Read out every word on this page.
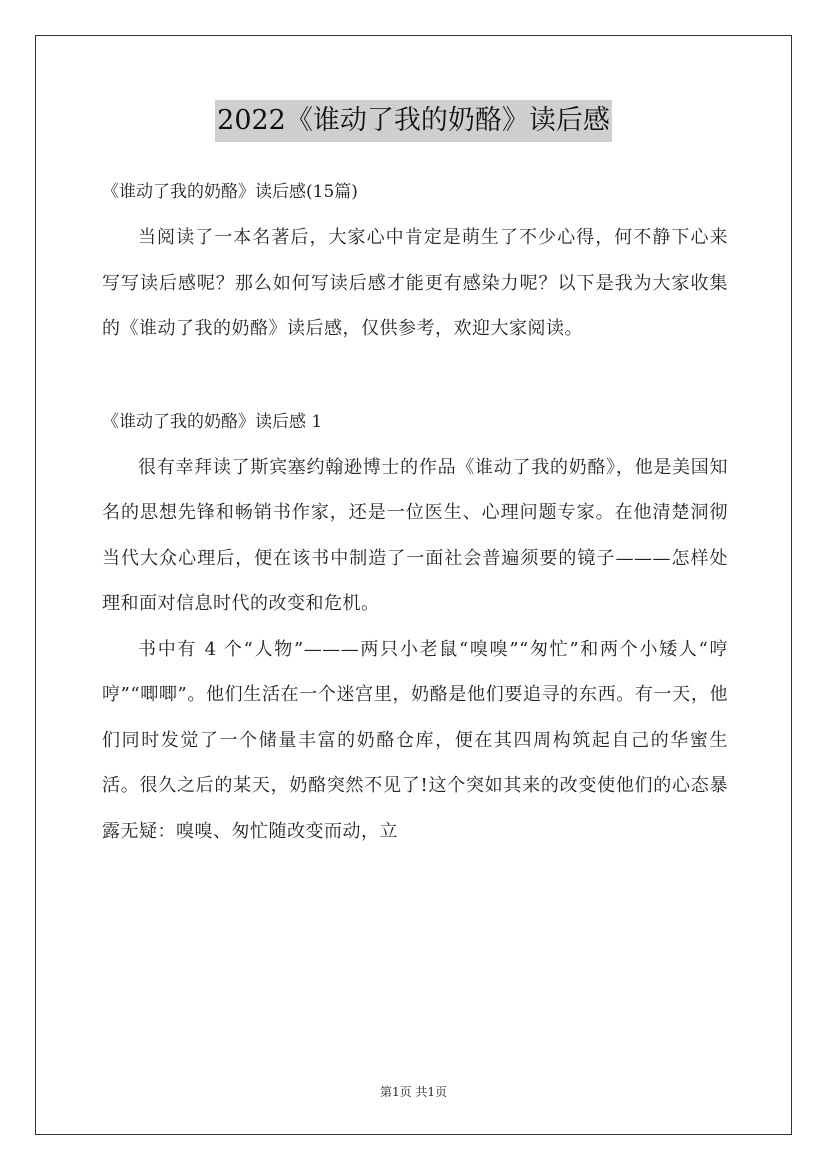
2022《谁动了我的奶酪》读后感

《谁动了我的奶酪》读后感(15篇)

当阅读了一本名著后，大家心中肯定是萌生了不少心得，何不静下心来写写读后感呢？那么如何写读后感才能更有感染力呢？以下是我为大家收集的《谁动了我的奶酪》读后感，仅供参考，欢迎大家阅读。

《谁动了我的奶酪》读后感 1

很有幸拜读了斯宾塞约翰逊博士的作品《谁动了我的奶酪》，他是美国知名的思想先锋和畅销书作家，还是一位医生、心理问题专家。在他清楚洞彻当代大众心理后，便在该书中制造了一面社会普遍须要的镜子———怎样处理和面对信息时代的改变和危机。

书中有 4 个“人物”———两只小老鼠“嗅嗅”“匆忙”和两个小矮人“哼哼”“唧唧”。他们生活在一个迷宫里，奶酪是他们要追寻的东西。有一天，他们同时发觉了一个储量丰富的奶酪仓库，便在其四周构筑起自己的华蜜生活。很久之后的某天，奶酪突然不见了!这个突如其来的改变使他们的心态暴露无疑：嗅嗅、匆忙随改变而动，立

第1页 共1页
